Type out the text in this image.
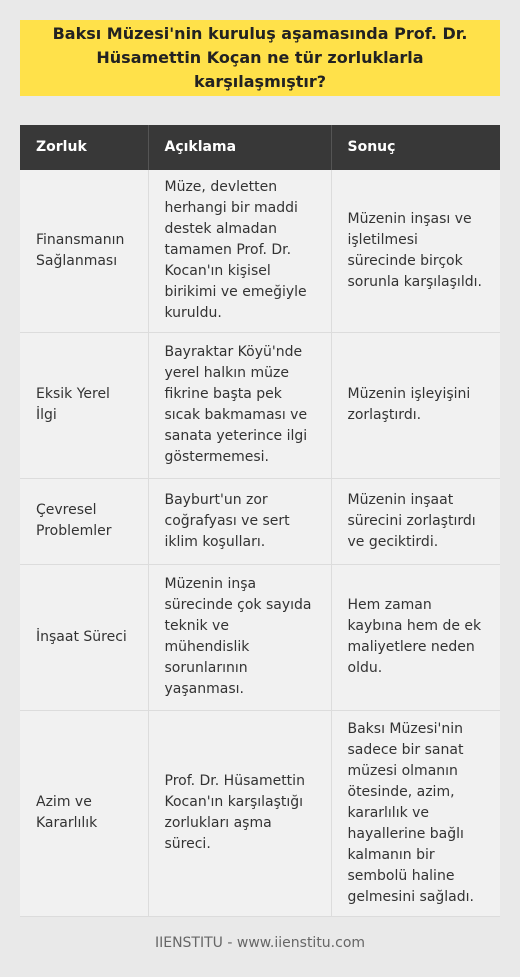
Baksı Müzesi'nin kuruluş aşamasında Prof. Dr. Hüsamettin Koçan ne tür zorluklarla karşılaşmıştır?
Zorluk	Açıklama	Sonuç
Finansmanın Sağlanması	Müze, devletten herhangi bir maddi destek almadan tamamen Prof. Dr. Kocan'ın kişisel birikimi ve emeğiyle kuruldu.	Müzenin inşası ve işletilmesi sürecinde birçok sorunla karşılaşıldı.
Eksik Yerel İlgi	Bayraktar Köyü'nde yerel halkın müze fikrine başta pek sıcak bakmaması ve sanata yeterince ilgi göstermemesi.	Müzenin işleyişini zorlaştırdı.
Çevresel Problemler	Bayburt'un zor coğrafyası ve sert iklim koşulları.	Müzenin inşaat sürecini zorlaştırdı ve geciktirdi.
İnşaat Süreci	Müzenin inşa sürecinde çok sayıda teknik ve mühendislik sorunlarının yaşanması.	Hem zaman kaybına hem de ek maliyetlere neden oldu.
Azim ve Kararlılık	Prof. Dr. Hüsamettin Kocan'ın karşılaştığı zorlukları aşma süreci.	Baksı Müzesi'nin sadece bir sanat müzesi olmanın ötesinde, azim, kararlılık ve hayallerine bağlı kalmanın bir sembolü haline gelmesini sağladı.
IIENSTITU - www.iienstitu.com
